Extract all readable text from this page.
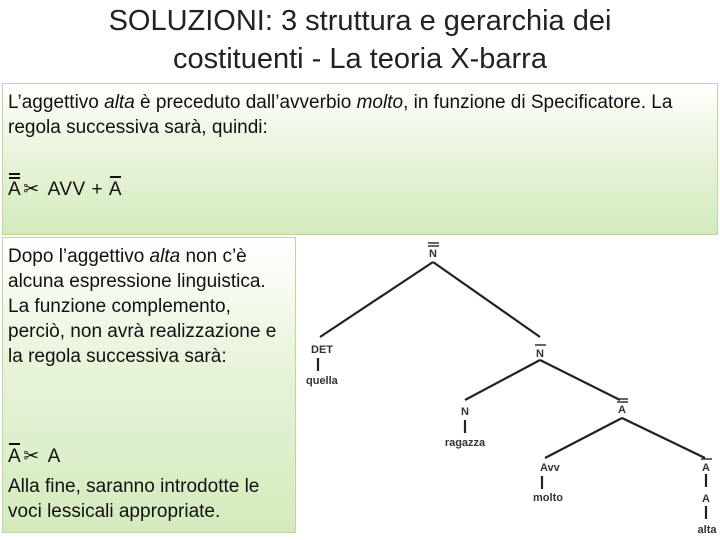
SOLUZIONI: 3 struttura e gerarchia dei
costituenti - La teoria X-barra
L’aggettivo alta è preceduto dall’avverbio molto, in funzione di Specificatore. La regola successiva sarà, quindi:
A ✂ AVV + A
Dopo l’aggettivo alta non c’è alcuna espressione linguistica. La funzione complemento, perciò, non avrà realizzazione e la regola successiva sarà:
A ✂ A
Alla fine, saranno introdotte le voci lessicali appropriate.
N
DET
quella
N
N
ragazza
A
Avv
molto
A
A
alta
